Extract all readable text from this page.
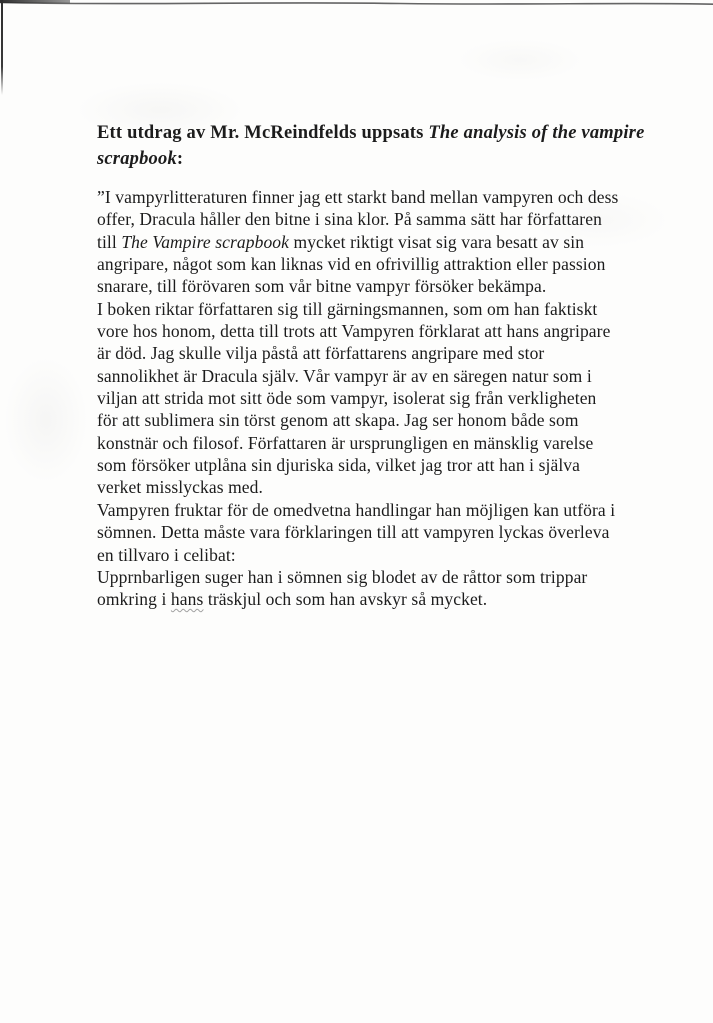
Ett utdrag av Mr. McReindfelds uppsats The analysis of the vampire scrapbook:
”I vampyrlitteraturen finner jag ett starkt band mellan vampyren och dess
offer, Dracula håller den bitne i sina klor. På samma sätt har författaren
till The Vampire scrapbook mycket riktigt visat sig vara besatt av sin
angripare, något som kan liknas vid en ofrivillig attraktion eller passion
snarare, till förövaren som vår bitne vampyr försöker bekämpa.
I boken riktar författaren sig till gärningsmannen, som om han faktiskt
vore hos honom, detta till trots att Vampyren förklarat att hans angripare
är död. Jag skulle vilja påstå att författarens angripare med stor
sannolikhet är Dracula själv. Vår vampyr är av en säregen natur som i
viljan att strida mot sitt öde som vampyr, isolerat sig från verkligheten
för att sublimera sin törst genom att skapa. Jag ser honom både som
konstnär och filosof. Författaren är ursprungligen en mänsklig varelse
som försöker utplåna sin djuriska sida, vilket jag tror att han i själva
verket misslyckas med.
Vampyren fruktar för de omedvetna handlingar han möjligen kan utföra i
sömnen. Detta måste vara förklaringen till att vampyren lyckas överleva
en tillvaro i celibat:
Upprnbarligen suger han i sömnen sig blodet av de råttor som trippar
omkring i hans träskjul och som han avskyr så mycket.
